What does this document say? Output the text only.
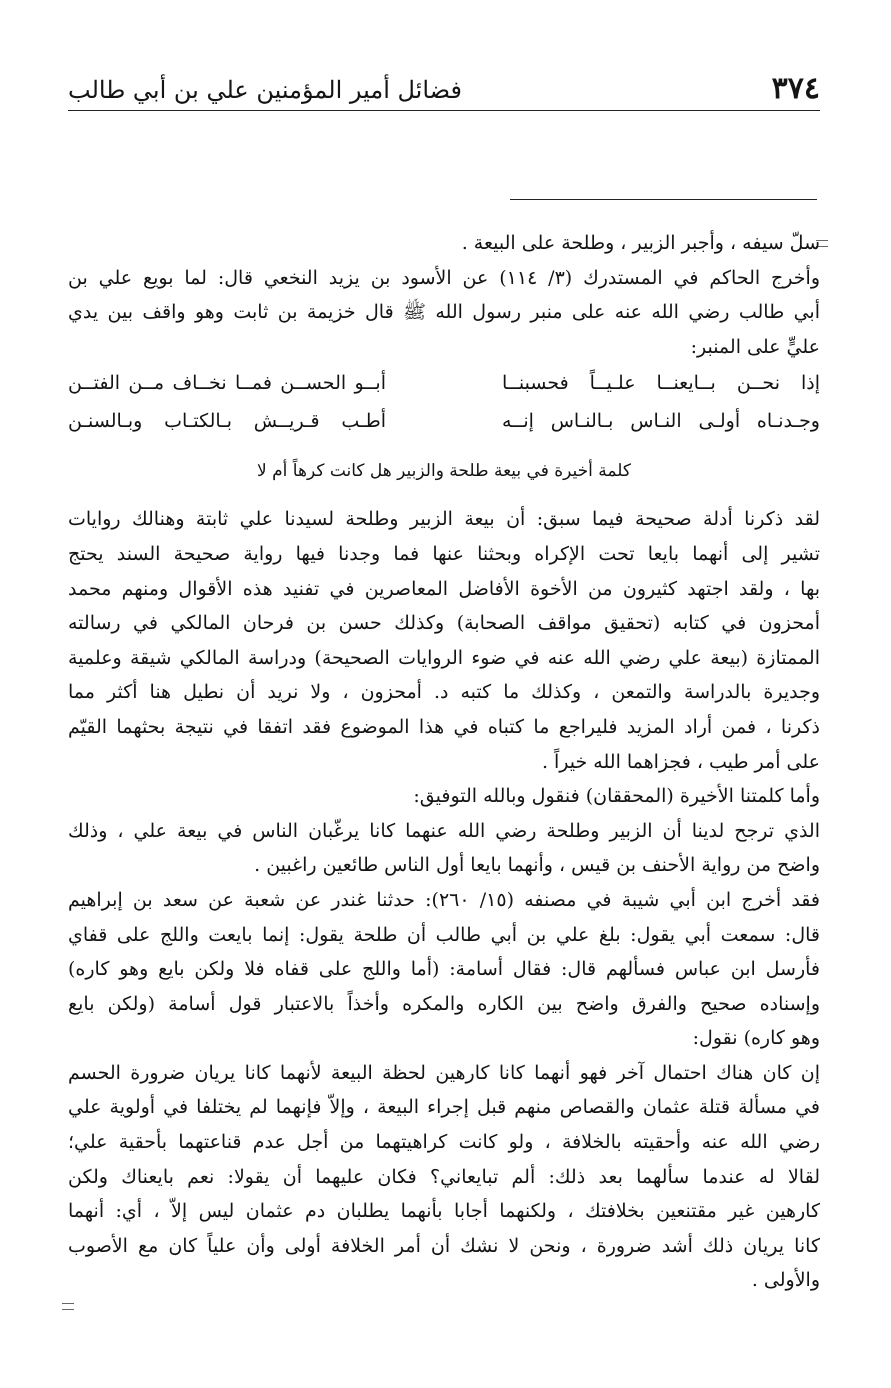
٣٧٤
فضائل أمير المؤمنين علي بن أبي طالب
سلّ سيفه ، وأجبر الزبير ، وطلحة على البيعة .
وأخرج الحاكم في المستدرك (٣/ ١١٤) عن الأسود بن يزيد النخعي قال: لما بويع علي بن
أبي طالب رضي الله عنه على منبر رسول الله ﷺ قال خزيمة بن ثابت وهو واقف بين يدي
عليٍّ على المنبر:
إذا نحــن بــايعنــا علـيــاً فحسبنــا
أبــو الحســن فمــا نخــاف مــن الفتــن
وجـدنـاه أولـى النـاس بـالنـاس إنــه
أطـب قـريــش بـالكتـاب وبـالسنـن
كلمة أخيرة في بيعة طلحة والزبير هل كانت كرهاً أم لا
لقد ذكرنا أدلة صحيحة فيما سبق: أن بيعة الزبير وطلحة لسيدنا علي ثابتة وهنالك روايات
تشير إلى أنهما بايعا تحت الإكراه وبحثنا عنها فما وجدنا فيها رواية صحيحة السند يحتج
بها ، ولقد اجتهد كثيرون من الأخوة الأفاضل المعاصرين في تفنيد هذه الأقوال ومنهم محمد
أمحزون في كتابه (تحقيق مواقف الصحابة) وكذلك حسن بن فرحان المالكي في رسالته
الممتازة (بيعة علي رضي الله عنه في ضوء الروايات الصحيحة) ودراسة المالكي شيقة وعلمية
وجديرة بالدراسة والتمعن ، وكذلك ما كتبه د. أمحزون ، ولا نريد أن نطيل هنا أكثر مما
ذكرنا ، فمن أراد المزيد فليراجع ما كتباه في هذا الموضوع فقد اتفقا في نتيجة بحثهما القيّم
على أمر طيب ، فجزاهما الله خيراً .
وأما كلمتنا الأخيرة (المحققان) فنقول وبالله التوفيق:
الذي ترجح لدينا أن الزبير وطلحة رضي الله عنهما كانا يرغّبان الناس في بيعة علي ، وذلك
واضح من رواية الأحنف بن قيس ، وأنهما بايعا أول الناس طائعين راغبين .
فقد أخرج ابن أبي شيبة في مصنفه (١٥/ ٢٦٠): حدثنا غندر عن شعبة عن سعد بن إبراهيم
قال: سمعت أبي يقول: بلغ علي بن أبي طالب أن طلحة يقول: إنما بايعت واللج على قفاي
فأرسل ابن عباس فسألهم قال: فقال أسامة: (أما واللج على قفاه فلا ولكن بايع وهو كاره)
وإسناده صحيح والفرق واضح بين الكاره والمكره وأخذاً بالاعتبار قول أسامة (ولكن بايع
وهو كاره) نقول:
إن كان هناك احتمال آخر فهو أنهما كانا كارهين لحظة البيعة لأنهما كانا يريان ضرورة الحسم
في مسألة قتلة عثمان والقصاص منهم قبل إجراء البيعة ، وإلاّ فإنهما لم يختلفا في أولوية علي
رضي الله عنه وأحقيته بالخلافة ، ولو كانت كراهيتهما من أجل عدم قناعتهما بأحقية علي؛
لقالا له عندما سألهما بعد ذلك: ألم تبايعاني؟ فكان عليهما أن يقولا: نعم بايعناك ولكن
كارهين غير مقتنعين بخلافتك ، ولكنهما أجابا بأنهما يطلبان دم عثمان ليس إلاّ ، أي: أنهما
كانا يريان ذلك أشد ضرورة ، ونحن لا نشك أن أمر الخلافة أولى وأن علياً كان مع الأصوب
والأولى .
